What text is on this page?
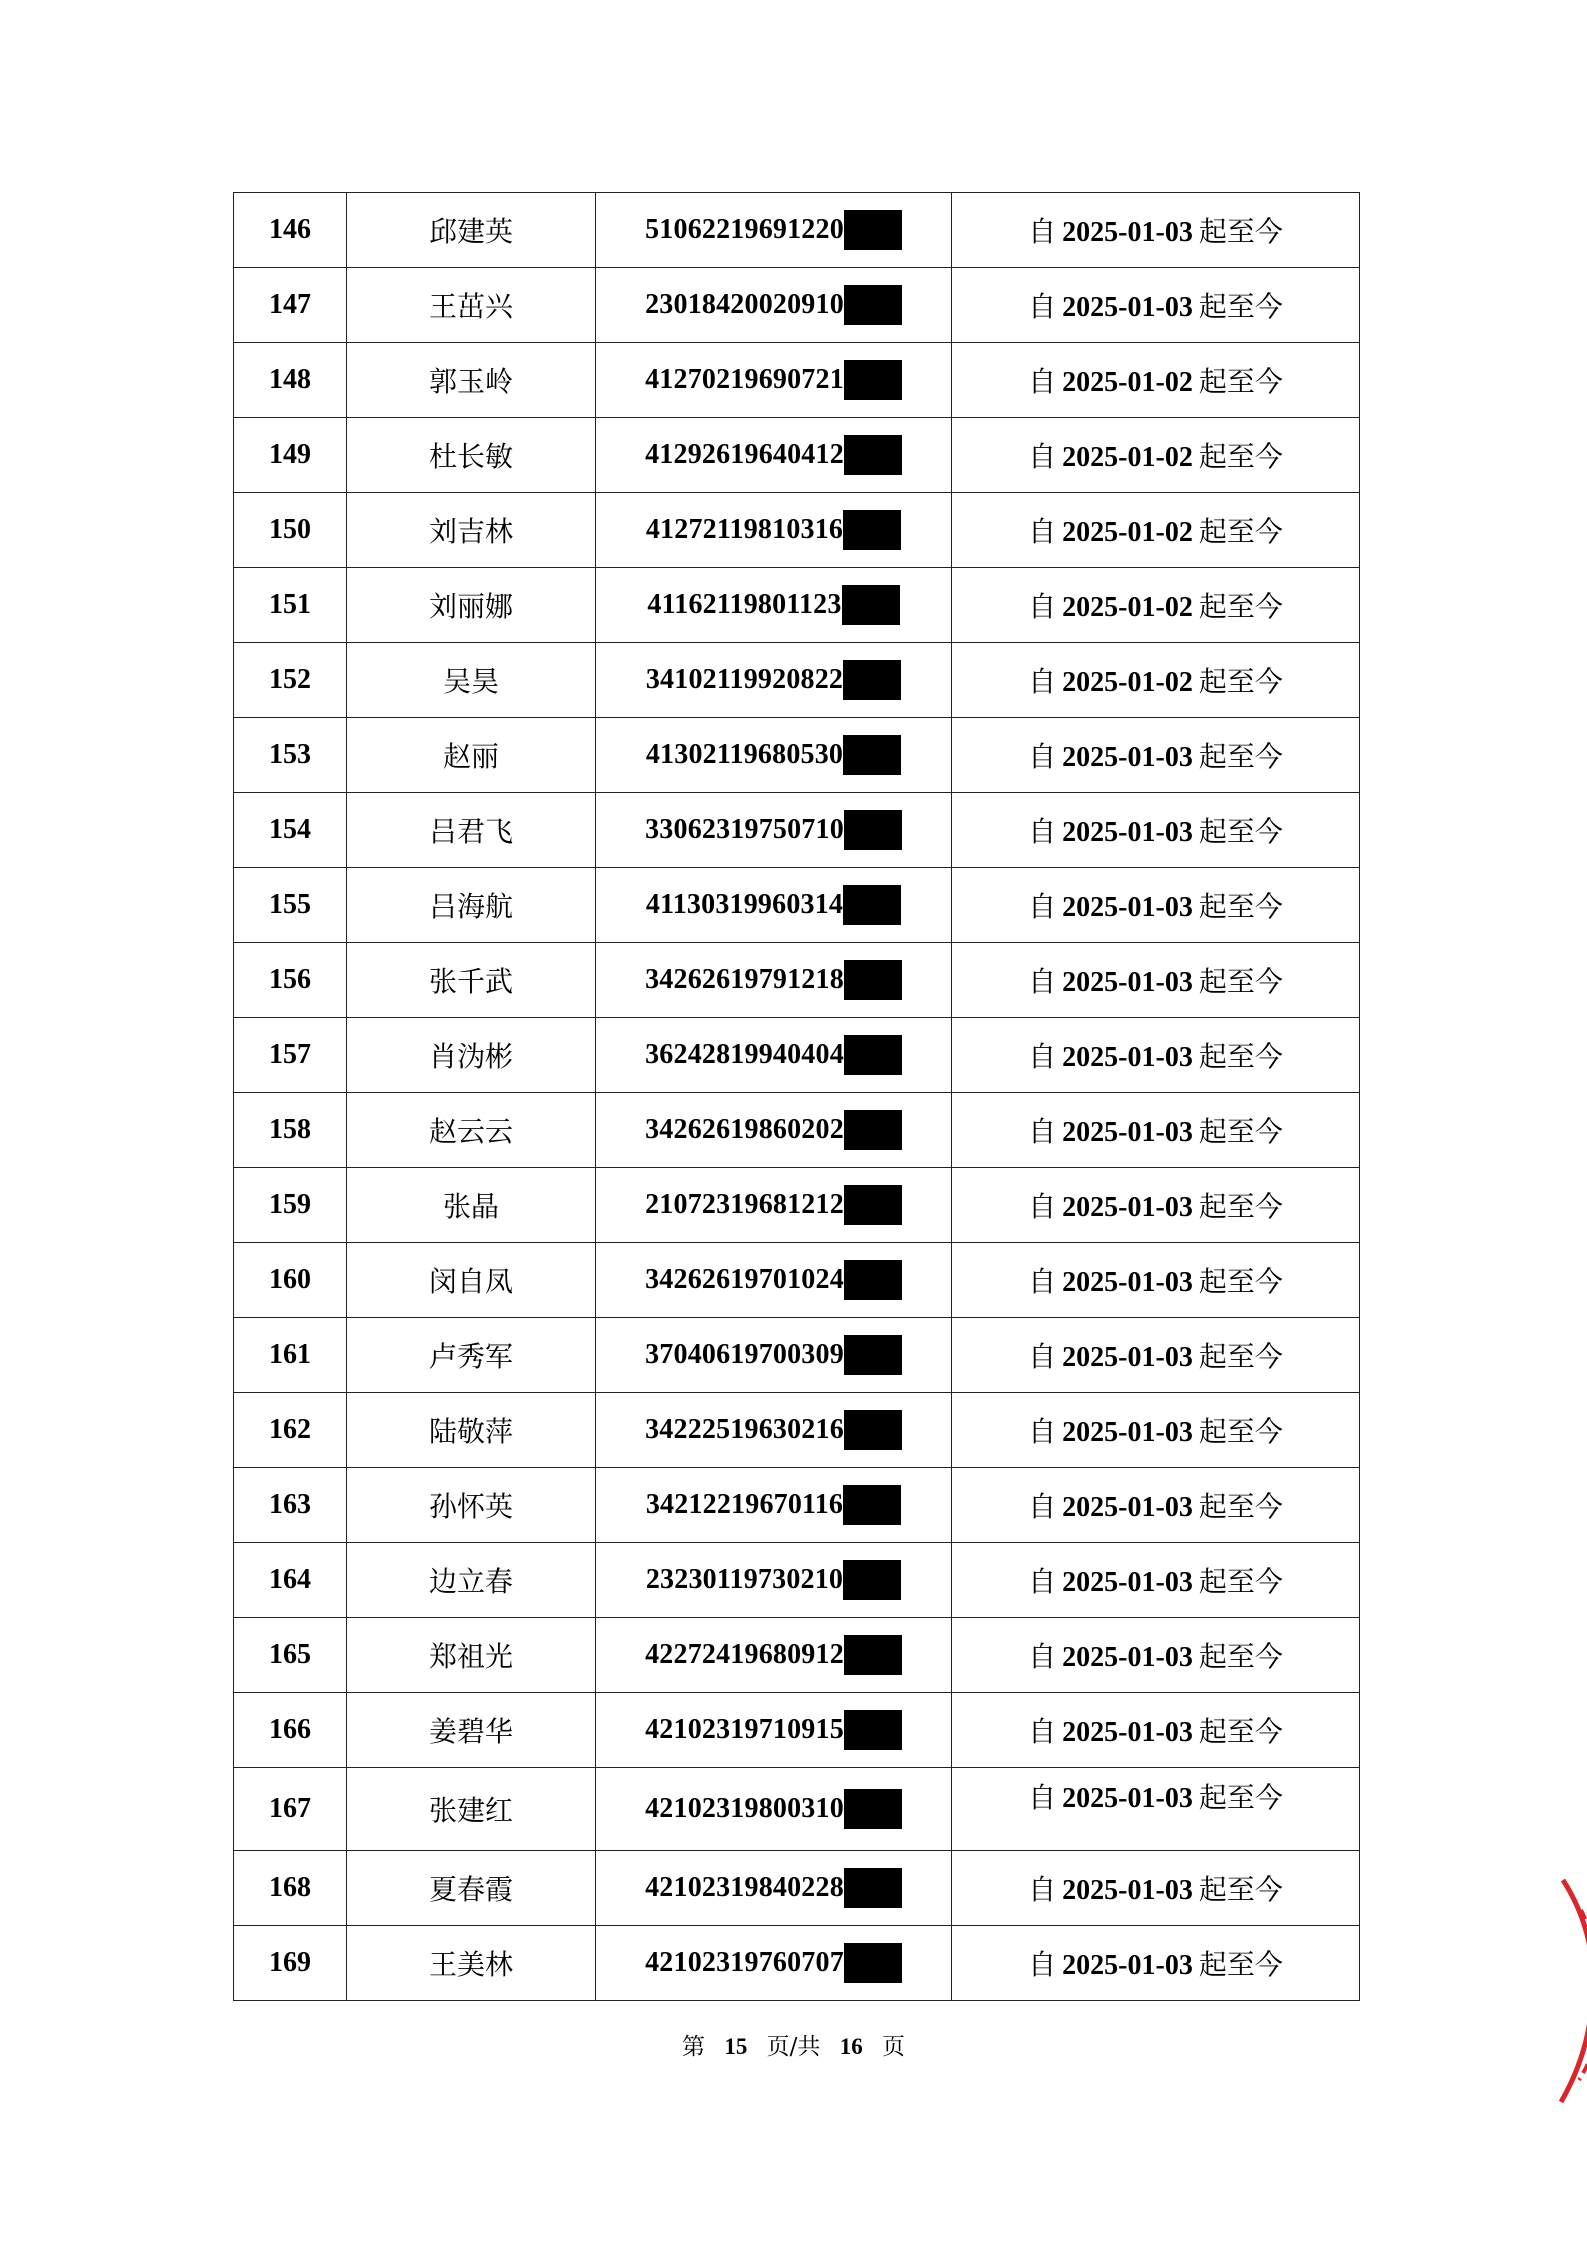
146	邱建英	51062219691220	自 2025-01-03 起至今
147	王茁兴	23018420020910	自 2025-01-03 起至今
148	郭玉岭	41270219690721	自 2025-01-02 起至今
149	杜长敏	41292619640412	自 2025-01-02 起至今
150	刘吉林	41272119810316	自 2025-01-02 起至今
151	刘丽娜	41162119801123	自 2025-01-02 起至今
152	吴昊	34102119920822	自 2025-01-02 起至今
153	赵丽	41302119680530	自 2025-01-03 起至今
154	吕君飞	33062319750710	自 2025-01-03 起至今
155	吕海航	41130319960314	自 2025-01-03 起至今
156	张千武	34262619791218	自 2025-01-03 起至今
157	肖沩彬	36242819940404	自 2025-01-03 起至今
158	赵云云	34262619860202	自 2025-01-03 起至今
159	张晶	21072319681212	自 2025-01-03 起至今
160	闵自凤	34262619701024	自 2025-01-03 起至今
161	卢秀军	37040619700309	自 2025-01-03 起至今
162	陆敬萍	34222519630216	自 2025-01-03 起至今
163	孙怀英	34212219670116	自 2025-01-03 起至今
164	边立春	23230119730210	自 2025-01-03 起至今
165	郑祖光	42272419680912	自 2025-01-03 起至今
166	姜碧华	42102319710915	自 2025-01-03 起至今
167	张建红	42102319800310	自 2025-01-03 起至今
168	夏春霞	42102319840228	自 2025-01-03 起至今
169	王美林	42102319760707	自 2025-01-03 起至今
第 15 页/共 16 页
